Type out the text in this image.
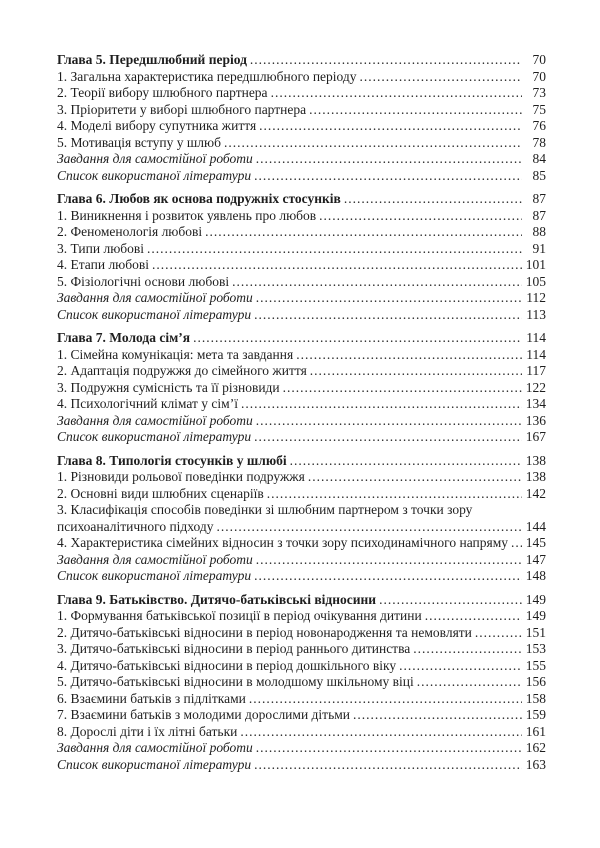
Глава 5. Передшлюбний період .....	70
1. Загальна характеристика передшлюбного періоду .....	70
2. Теорії вибору шлюбного партнера .....	73
3. Пріоритети у виборі шлюбного партнера .....	75
4. Моделі вибору супутника життя .....	76
5. Мотивація вступу у шлюб .....	78
Завдання для самостійної роботи .....	84
Список використаної літератури .....	85
Глава 6. Любов як основа подружніх стосунків .....	87
1. Виникнення і розвиток уявлень про любов .....	87
2. Феноменологія любові .....	88
3. Типи любові .....	91
4. Етапи любові .....	101
5. Фізіологічні основи любові .....	105
Завдання для самостійної роботи .....	112
Список використаної літератури .....	113
Глава 7. Молода сім’я .....	114
1. Сімейна комунікація: мета та завдання .....	114
2. Адаптація подружжя до сімейного життя .....	117
3. Подружня сумісність та її різновиди .....	122
4. Психологічний клімат у сім’ї .....	134
Завдання для самостійної роботи .....	136
Список використаної літератури .....	167
Глава 8. Типологія стосунків у шлюбі .....	138
1. Різновиди рольової поведінки подружжя .....	138
2. Основні види шлюбних сценаріїв .....	142
3. Класифікація способів поведінки зі шлюбним партнером з точки зору
психоаналітичного підходу .....	144
4. Характеристика сімейних відносин з точки зору психодинамічного напряму ..... 145
Завдання для самостійної роботи .....	147
Список використаної літератури .....	148
Глава 9. Батьківство. Дитячо-батьківські відносини .....	149
1. Формування батьківської позиції в період очікування дитини .....	149
2. Дитячо-батьківські відносини в період новонародження та немовляти .....	151
3. Дитячо-батьківські відносини в період раннього дитинства .....	153
4. Дитячо-батьківські відносини в період дошкільного віку .....	155
5. Дитячо-батьківські відносини в молодшому шкільному віці .....	156
6. Взаємини батьків з підлітками .....	158
7. Взаємини батьків з молодими дорослими дітьми .....	159
8. Дорослі діти і їх літні батьки .....	161
Завдання для самостійної роботи .....	162
Список використаної літератури .....	163
